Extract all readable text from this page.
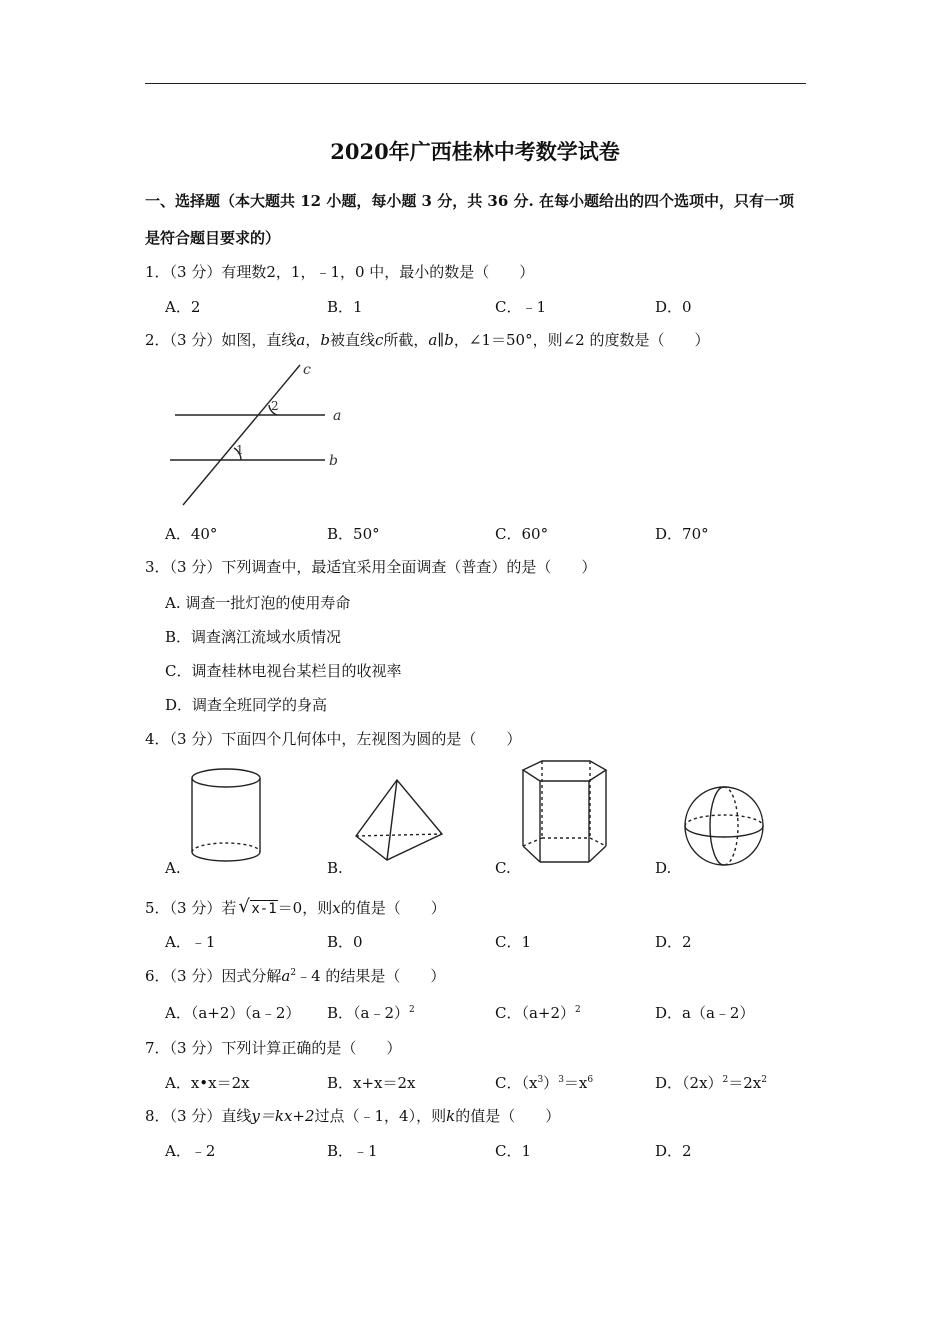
2020年广西桂林中考数学试卷
一、选择题（本大题共 12 小题，每小题 3 分，共 36 分. 在每小题给出的四个选项中，只有一项
是符合题目要求的）
1．（3 分）有理数2，1，﹣1，0 中，最小的数是（　　）
A．2	B．1	C．﹣1	D．0
2．（3 分）如图，直线a，b被直线c所截，a∥b，∠1＝50°，则∠2 的度数是（　　）
c
a
b
1
2
A．40°	B．50°	C．60°	D．70°
3．（3 分）下列调查中，最适宜采用全面调查（普查）的是（　　）
A. 调查一批灯泡的使用寿命
B．调查漓江流域水质情况
C．调查桂林电视台某栏目的收视率
D．调查全班同学的身高
4．（3 分）下面四个几何体中，左视图为圆的是（　　）
A.	B.	C.	D.
5．（3 分）若 √ x-1＝0，则x的值是（　　）
A．﹣1	B．0	C．1	D．2
6．（3 分）因式分解$a^2﹣4$ 的结果是（　　）
A．（a+2）（a﹣2） B．（a﹣2）$^2$	C．$(a+2)^2$	D．a（a﹣2）
7．（3 分）下列计算正确的是（　　）
A．x•x＝2x	B．x+x＝2x	C．$(x^3)^3=x^6$	D．$(2x)^2=2x^2$
8．（3 分）直线y＝kx+2过点（﹣1，4），则k的值是（　　）
A．﹣2	B．﹣1	C．1	D．2
